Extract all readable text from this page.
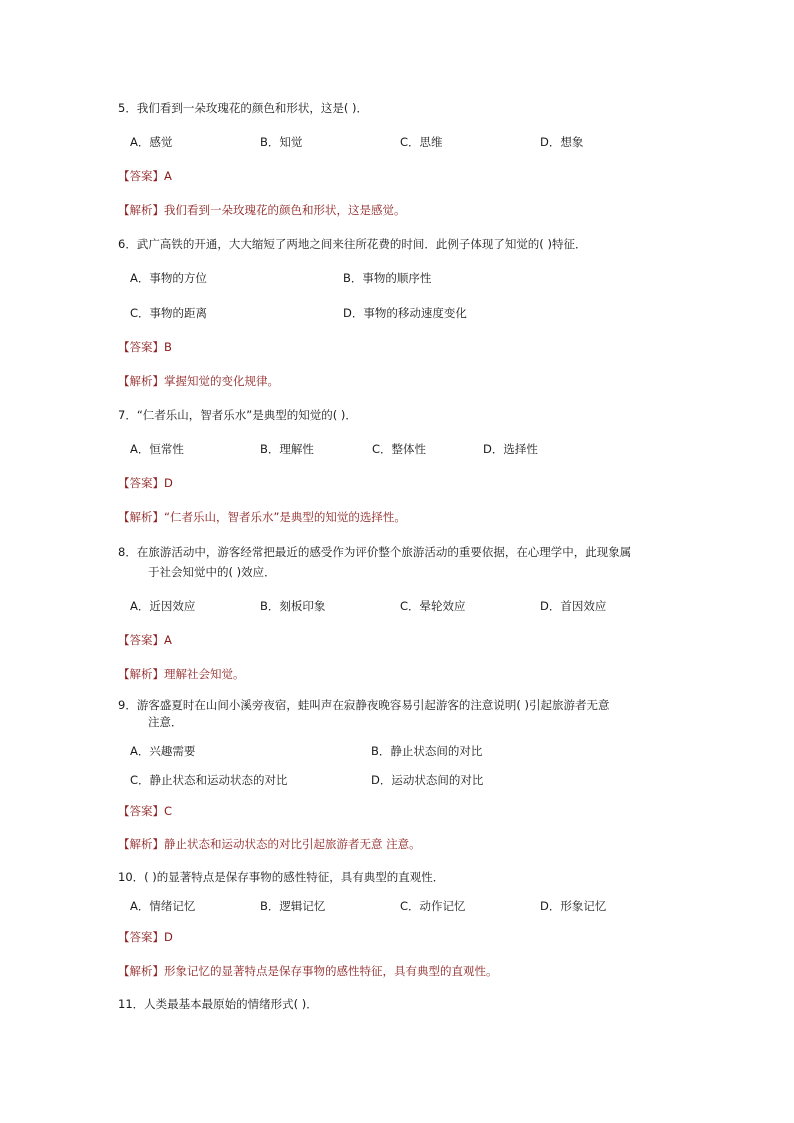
5．我们看到一朵玫瑰花的颜色和形状，这是( )．
A．感觉	B．知觉	C．思维	D．想象
【答案】A
【解析】我们看到一朵玫瑰花的颜色和形状，这是感觉。
6．武广高铁的开通，大大缩短了两地之间来往所花费的时间．此例子体现了知觉的( )特征．
A．事物的方位	B．事物的顺序性
C．事物的距离	D．事物的移动速度变化
【答案】B
【解析】掌握知觉的变化规律。
7．“仁者乐山，智者乐水”是典型的知觉的( )．
A．恒常性	B．理解性	C．整体性	D．选择性
【答案】D
【解析】“仁者乐山，智者乐水”是典型的知觉的选择性。
8．在旅游活动中，游客经常把最近的感受作为评价整个旅游活动的重要依据，在心理学中，此现象属
于社会知觉中的( )效应．
A．近因效应	B．刻板印象	C．晕轮效应	D．首因效应
【答案】A
【解析】理解社会知觉。
9．游客盛夏时在山间小溪旁夜宿，蛙叫声在寂静夜晚容易引起游客的注意说明( )引起旅游者无意
注意．
A．兴趣需要	B．静止状态间的对比
C．静止状态和运动状态的对比	D．运动状态间的对比
【答案】C
【解析】静止状态和运动状态的对比引起旅游者无意 注意。
10．( )的显著特点是保存事物的感性特征，具有典型的直观性．
A．情绪记忆	B．逻辑记忆	C．动作记忆	D．形象记忆
【答案】D
【解析】形象记忆的显著特点是保存事物的感性特征，具有典型的直观性。
11．人类最基本最原始的情绪形式( )．
